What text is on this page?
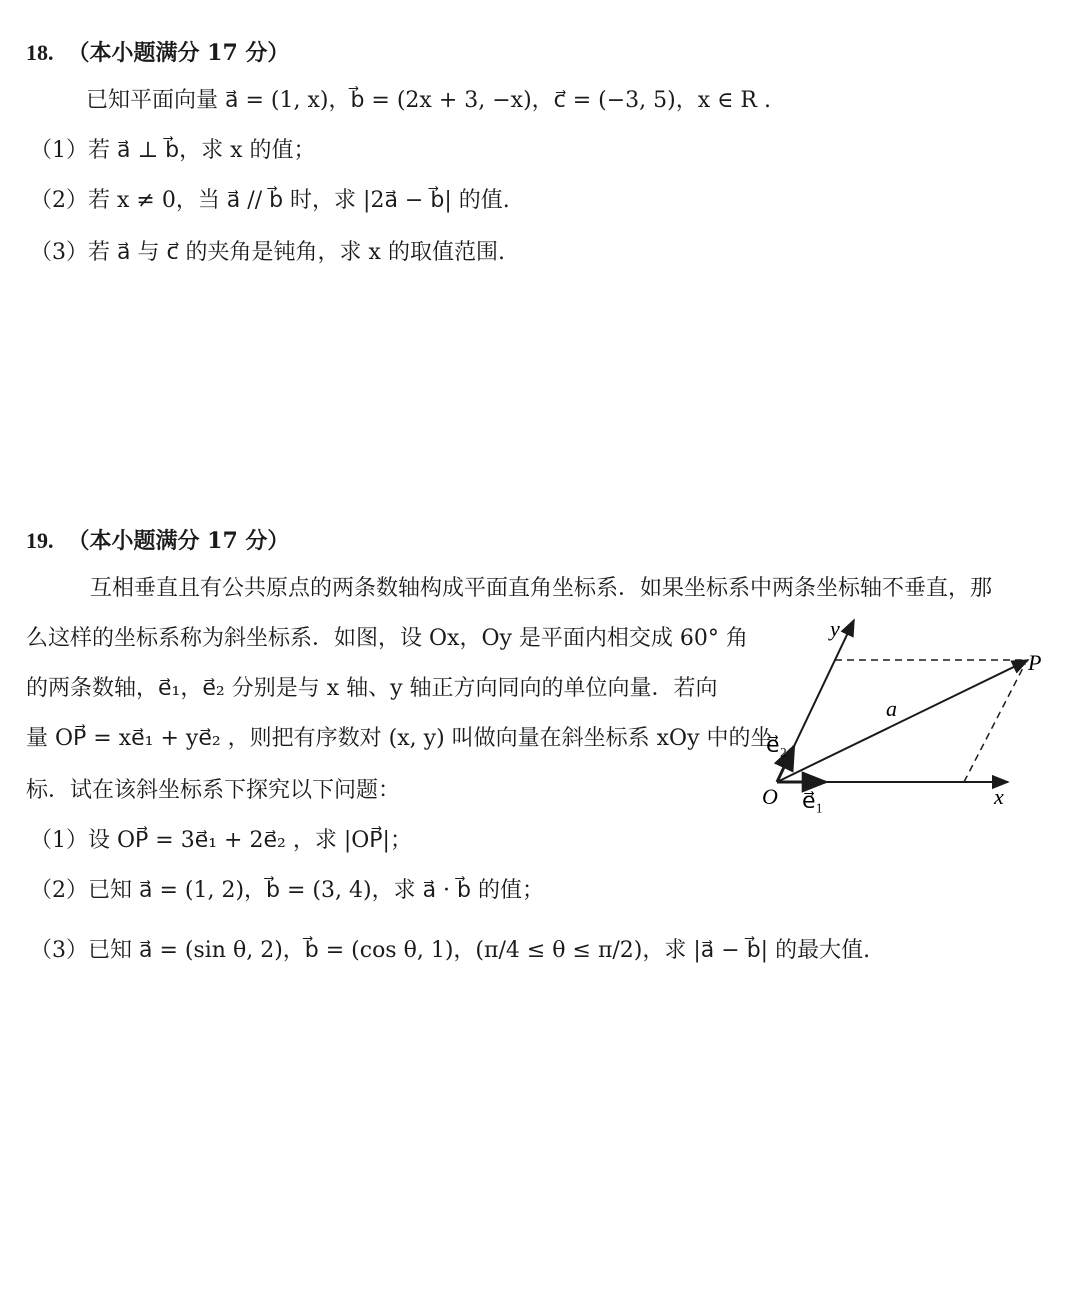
18. （本小题满分 17 分）
已知平面向量 a⃗ = (1, x)，b⃗ = (2x + 3, −x)，c⃗ = (−3, 5)，x ∈ R .
（1）若 a⃗ ⊥ b⃗，求 x 的值；
（2）若 x ≠ 0，当 a⃗ // b⃗ 时，求 |2a⃗ − b⃗| 的值.
（3）若 a⃗ 与 c⃗ 的夹角是钝角，求 x 的取值范围.
19. （本小题满分 17 分）
互相垂直且有公共原点的两条数轴构成平面直角坐标系．如果坐标系中两条坐标轴不垂直，那
么这样的坐标系称为斜坐标系．如图，设 Ox，Oy 是平面内相交成 60° 角
的两条数轴，e⃗₁，e⃗₂ 分别是与 x 轴、y 轴正方向同向的单位向量．若向
量 OP⃗ = xe⃗₁ + ye⃗₂ ，则把有序数对 (x, y) 叫做向量在斜坐标系 xOy 中的坐
标．试在该斜坐标系下探究以下问题：
（1）设 OP⃗ = 3e⃗₁ + 2e⃗₂ ，求 |OP⃗|；
（2）已知 a⃗ = (1, 2)，b⃗ = (3, 4)，求 a⃗ · b⃗ 的值；
（3）已知 a⃗ = (sin θ, 2)，b⃗ = (cos θ, 1)，(π/4 ≤ θ ≤ π/2)，求 |a⃗ − b⃗| 的最大值.
O	x
y
P
a⃗
e⃗₁
e⃗₂
